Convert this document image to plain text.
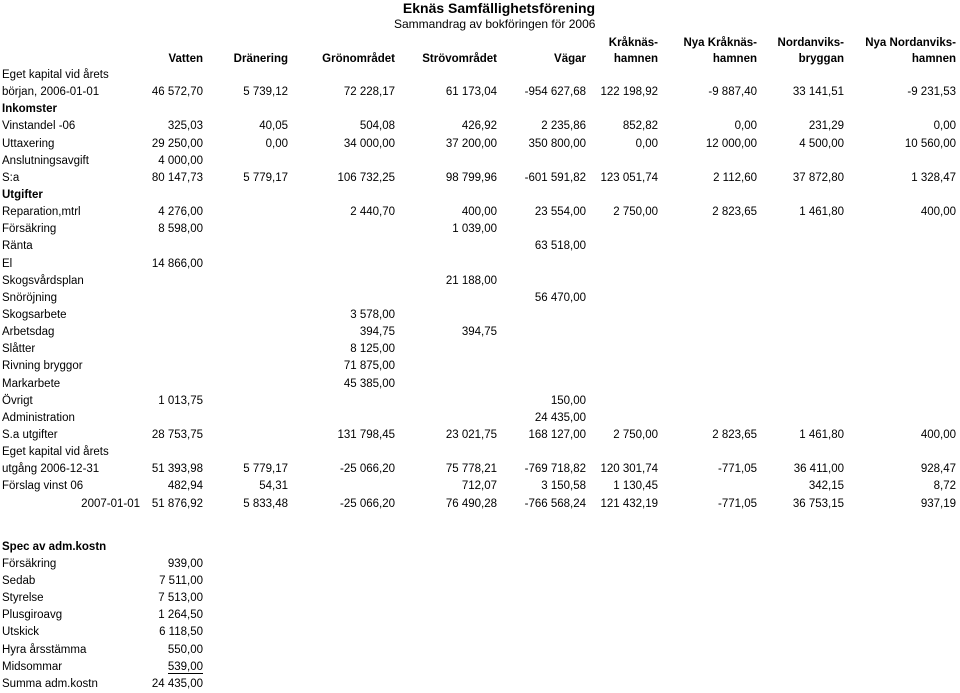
Eknäs Samfällighetsförening
Sammandrag av bokföringen för 2006
						Kråknäs-	Nya Kråknäs-	Nordanviks-	Nya Nordanviks-
	Vatten	Dränering	Grönområdet	Strövområdet	Vägar	hamnen	hamnen	bryggan	hamnen
Eget kapital vid årets									
början, 2006-01-01	46 572,70	5 739,12	72 228,17	61 173,04	-954 627,68	122 198,92	-9 887,40	33 141,51	-9 231,53
Inkomster									
Vinstandel -06	325,03	40,05	504,08	426,92	2 235,86	852,82	0,00	231,29	0,00
Uttaxering	29 250,00	0,00	34 000,00	37 200,00	350 800,00	0,00	12 000,00	4 500,00	10 560,00
Anslutningsavgift	4 000,00								
S:a	80 147,73	5 779,17	106 732,25	98 799,96	-601 591,82	123 051,74	2 112,60	37 872,80	1 328,47
Utgifter									
Reparation,mtrl	4 276,00		2 440,70	400,00	23 554,00	2 750,00	2 823,65	1 461,80	400,00
Försäkring	8 598,00			1 039,00					
Ränta					63 518,00				
El	14 866,00								
Skogsvårdsplan				21 188,00					
Snöröjning					56 470,00				
Skogsarbete			3 578,00						
Arbetsdag			394,75	394,75					
Slåtter			8 125,00						
Rivning bryggor			71 875,00						
Markarbete			45 385,00						
Övrigt	1 013,75				150,00				
Administration					24 435,00				
S.a utgifter	28 753,75		131 798,45	23 021,75	168 127,00	2 750,00	2 823,65	1 461,80	400,00
Eget kapital vid årets									
utgång 2006-12-31	51 393,98	5 779,17	-25 066,20	75 778,21	-769 718,82	120 301,74	-771,05	36 411,00	928,47
Förslag vinst 06	482,94	54,31		712,07	3 150,58	1 130,45		342,15	8,72
2007-01-01	51 876,92	5 833,48	-25 066,20	76 490,28	-766 568,24	121 432,19	-771,05	36 753,15	937,19

Spec av adm.kostn									
Försäkring	939,00								
Sedab	7 511,00								
Styrelse	7 513,00								
Plusgiroavg	1 264,50								
Utskick	6 118,50								
Hyra årsstämma	550,00								
Midsommar	539,00								
Summa adm.kostn	24 435,00								
